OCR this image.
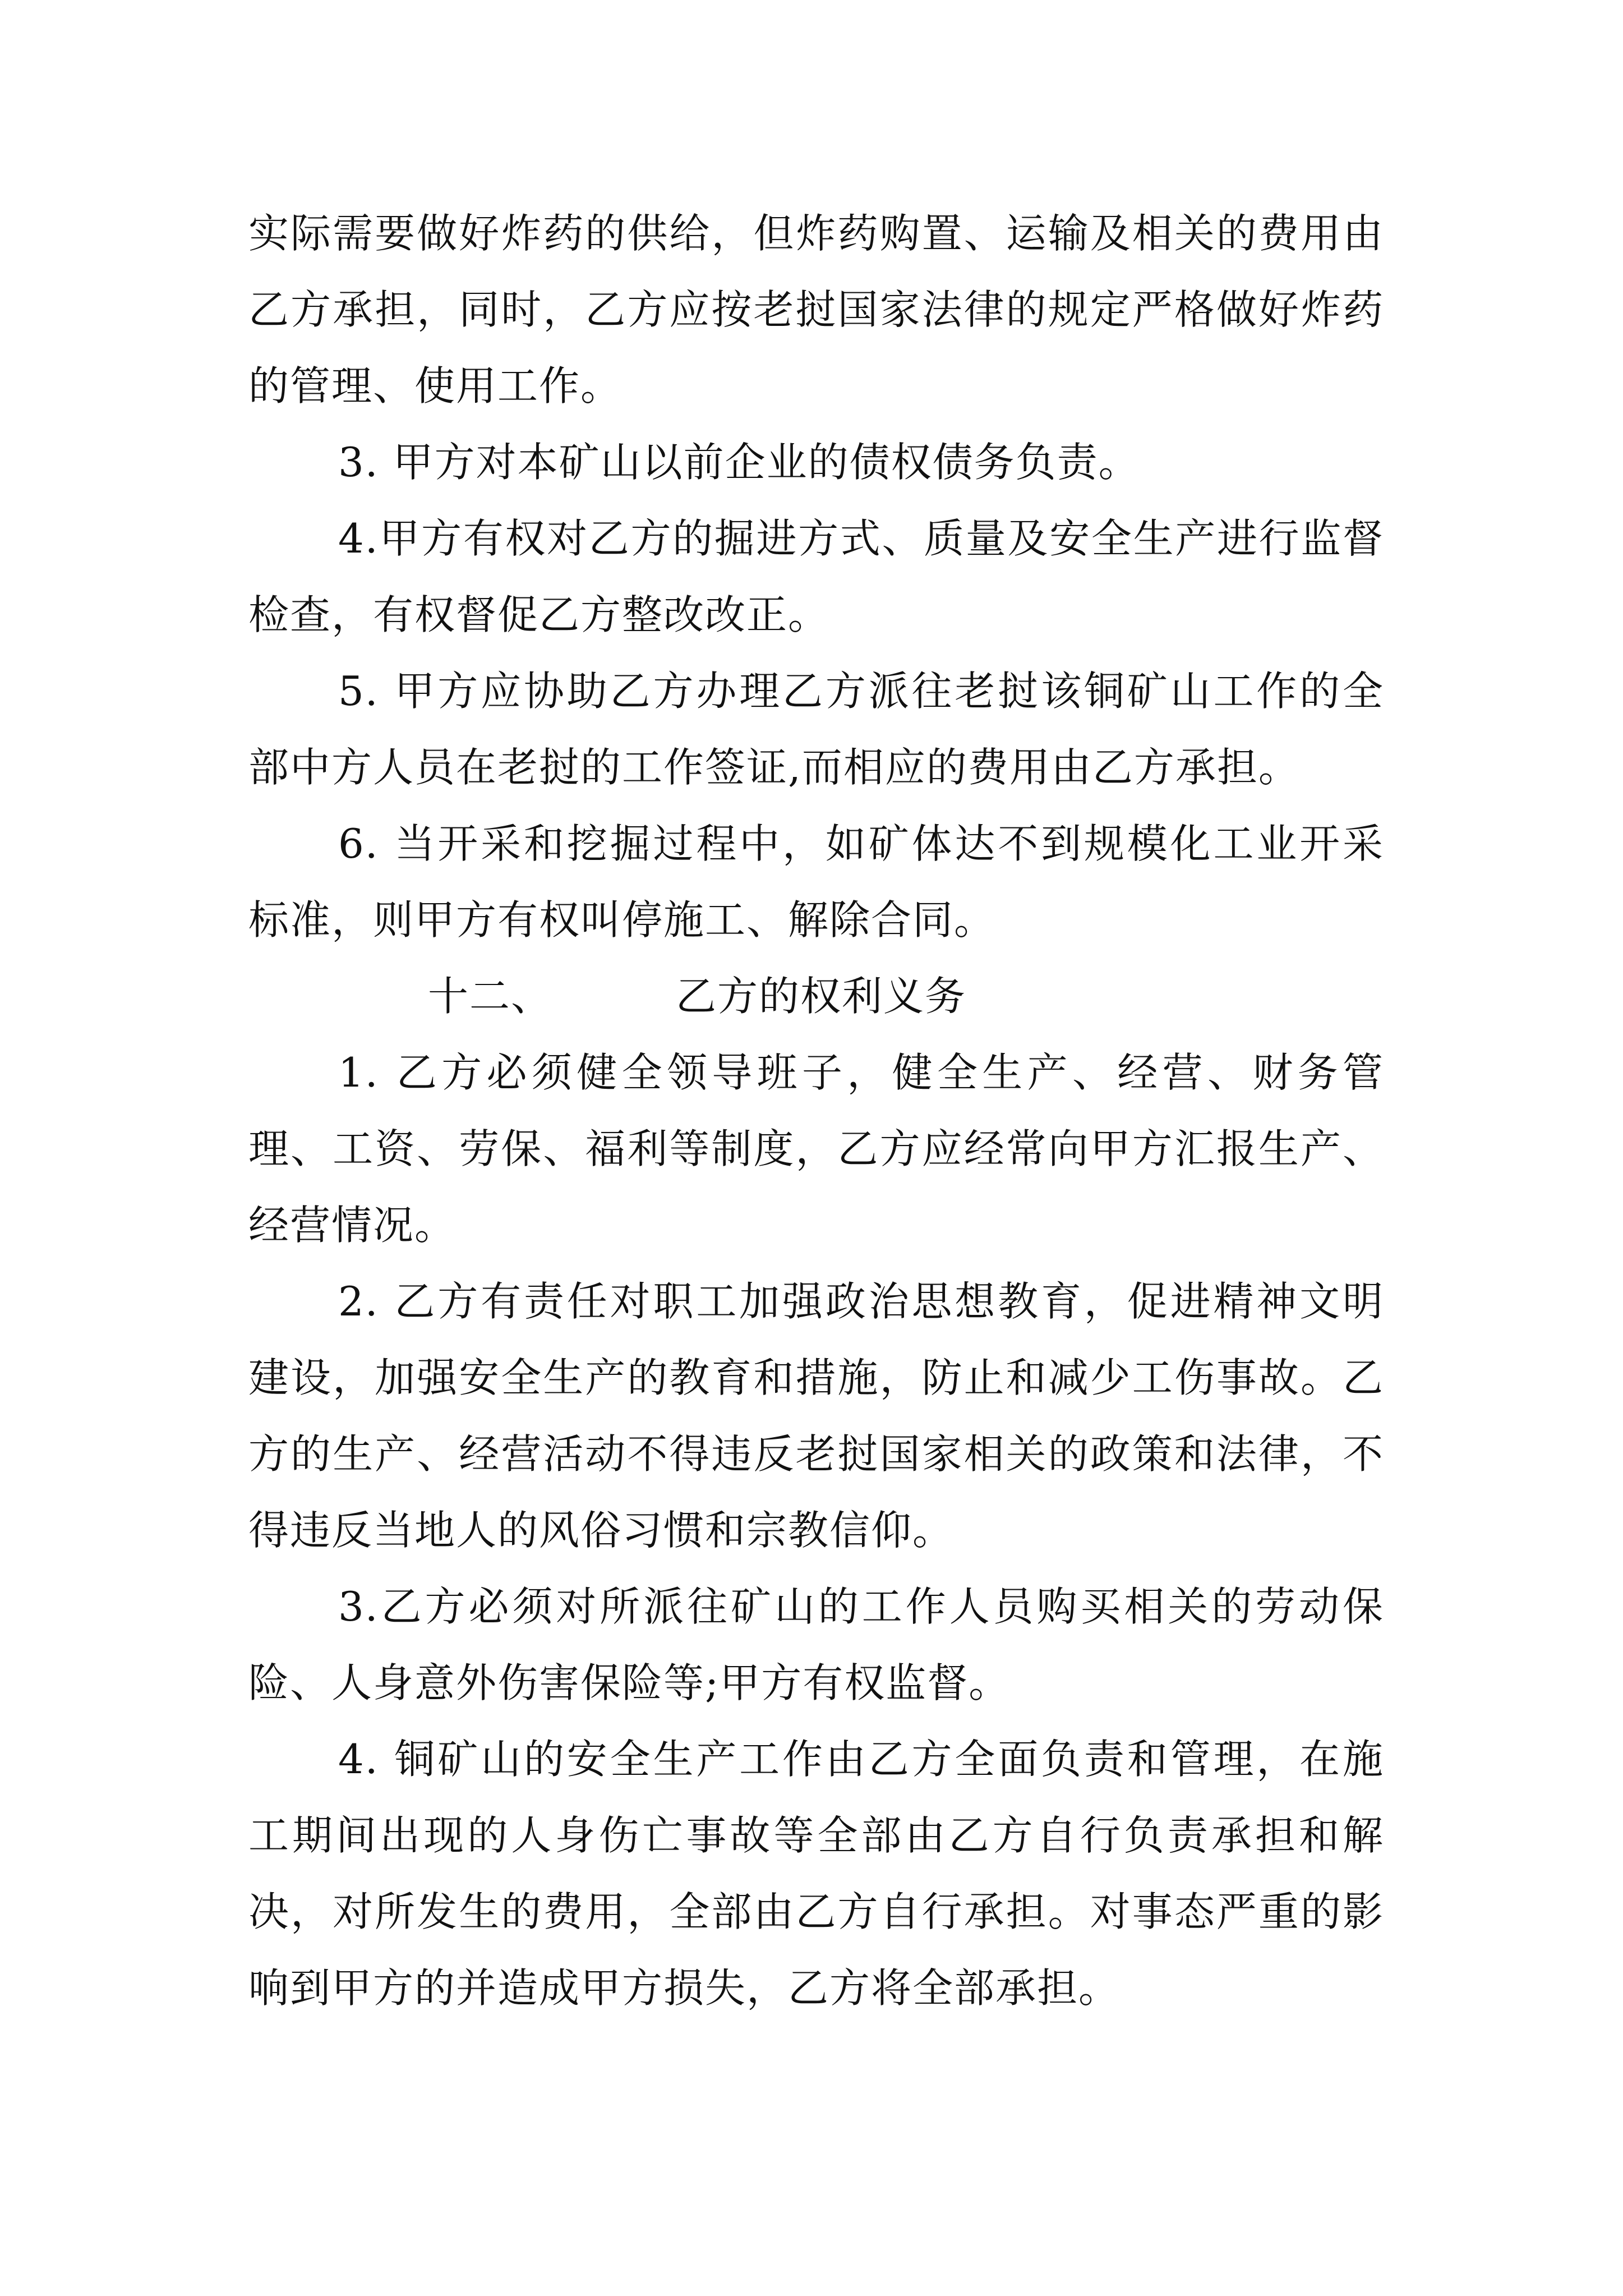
实际需要做好炸药的供给，但炸药购置、运输及相关的费用由乙方承担，同时，乙方应按老挝国家法律的规定严格做好炸药的管理、使用工作。

3. 甲方对本矿山以前企业的债权债务负责。

4.甲方有权对乙方的掘进方式、质量及安全生产进行监督检查，有权督促乙方整改改正。

5. 甲方应协助乙方办理乙方派往老挝该铜矿山工作的全部中方人员在老挝的工作签证,而相应的费用由乙方承担。

6. 当开采和挖掘过程中，如矿体达不到规模化工业开采标准，则甲方有权叫停施工、解除合同。

十二、	乙方的权利义务

1. 乙方必须健全领导班子，健全生产、经营、财务管理、工资、劳保、福利等制度，乙方应经常向甲方汇报生产、经营情况。

2. 乙方有责任对职工加强政治思想教育，促进精神文明建设，加强安全生产的教育和措施，防止和减少工伤事故。乙方的生产、经营活动不得违反老挝国家相关的政策和法律，不得违反当地人的风俗习惯和宗教信仰。

3.乙方必须对所派往矿山的工作人员购买相关的劳动保险、人身意外伤害保险等;甲方有权监督。

4. 铜矿山的安全生产工作由乙方全面负责和管理，在施工期间出现的人身伤亡事故等全部由乙方自行负责承担和解决，对所发生的费用，全部由乙方自行承担。对事态严重的影响到甲方的并造成甲方损失，乙方将全部承担。
